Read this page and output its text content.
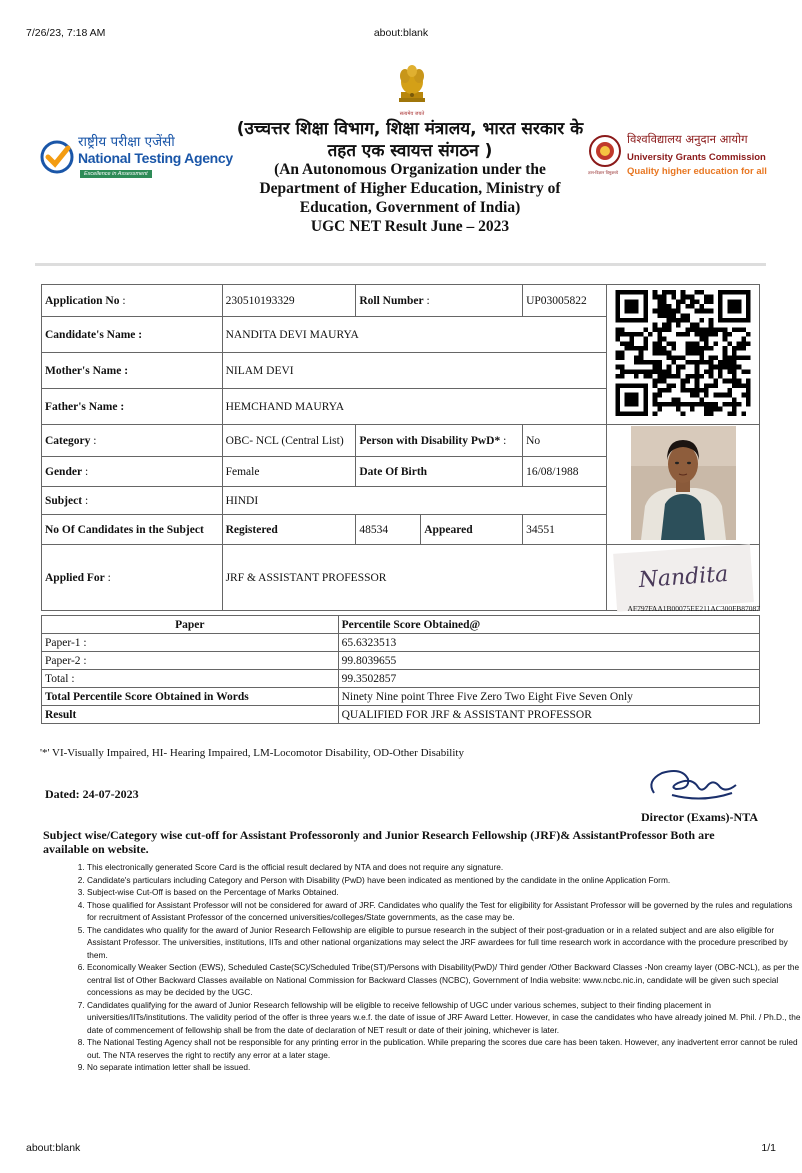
7/26/23, 7:18 AM	about:blank
about:blank	1/1
सत्यमेव जयते
(उच्चत्तर शिक्षा विभाग, शिक्षा मंत्रालय, भारत सरकार के तहत एक स्वायत्त संगठन )
(An Autonomous Organization under the
Department of Higher Education, Ministry of
Education, Government of India)
UGC NET Result June – 2023
राष्ट्रीय परीक्षा एजेंसी
National Testing Agency
Excellence in Assessment	ज्ञान-विज्ञान विमुक्तये
विश्वविद्यालय अनुदान आयोग
University Grants Commission
Quality higher education for all
Application No :	230510193329	Roll Number :		UP03005822	
Candidate's Name :	NANDITA DEVI MAURYA				
Mother's Name :	NILAM DEVI				
Father's Name :	HEMCHAND MAURYA				
Category :	OBC- NCL (Central List)	Person with Disability PwD* :		No	
Gender :	Female	Date Of Birth		16/08/1988	
Subject :	HINDI				
No Of Candidates in the Subject	Registered	48534	Appeared	34551	
Applied For :	JRF & ASSISTANT PROFESSOR				Nandita
AF797FAA1B00075EE211AC300FB87087
Paper	Percentile Score Obtained@
Paper-1 :	65.6323513
Paper-2 :	99.8039655
Total :	99.3502857
Total Percentile Score Obtained in Words	Ninety Nine point Three Five Zero Two Eight Five Seven Only
Result	QUALIFIED FOR JRF & ASSISTANT PROFESSOR
'*' VI-Visually Impaired, HI- Hearing Impaired, LM-Locomotor Disability, OD-Other Disability
Dated: 24-07-2023
Director (Exams)-NTA
Subject wise/Category wise cut-off for Assistant Professoronly and Junior Research Fellowship (JRF)& AssistantProfessor Both are available on website.
1. This electronically generated Score Card is the official result declared by NTA and does not require any signature.
2. Candidate's particulars including Category and Person with Disability (PwD) have been indicated as mentioned by the candidate in the online Application Form.
3. Subject-wise Cut-Off is based on the Percentage of Marks Obtained.
4. Those qualified for Assistant Professor will not be considered for award of JRF. Candidates who qualify the Test for eligibility for Assistant Professor will be governed by the rules and regulations for recruitment of Assistant Professor of the concerned universities/colleges/State governments, as the case may be.
5. The candidates who qualify for the award of Junior Research Fellowship are eligible to pursue research in the subject of their post-graduation or in a related subject and are also eligible for Assistant Professor. The universities, institutions, IITs and other national organizations may select the JRF awardees for full time research work in accordance with the procedure prescribed by them.
6. Economically Weaker Section (EWS), Scheduled Caste(SC)/Scheduled Tribe(ST)/Persons with Disability(PwD)/ Third gender /Other Backward Classes -Non creamy layer (OBC-NCL), as per the central list of Other Backward Classes available on National Commission for Backward Classes (NCBC), Government of India website: www.ncbc.nic.in, candidate will be given such special concessions as may be decided by the UGC.
7. Candidates qualifying for the award of Junior Research fellowship will be eligible to receive fellowship of UGC under various schemes, subject to their finding placement in universities/IITs/institutions. The validity period of the offer is three years w.e.f. the date of issue of JRF Award Letter. However, in case the candidates who have already joined M. Phil. / Ph.D., the date of commencement of fellowship shall be from the date of declaration of NET result or date of their joining, whichever is later.
8. The National Testing Agency shall not be responsible for any printing error in the publication. While preparing the scores due care has been taken. However, any inadvertent error cannot be ruled out. The NTA reserves the right to rectify any error at a later stage.
9. No separate intimation letter shall be issued.
